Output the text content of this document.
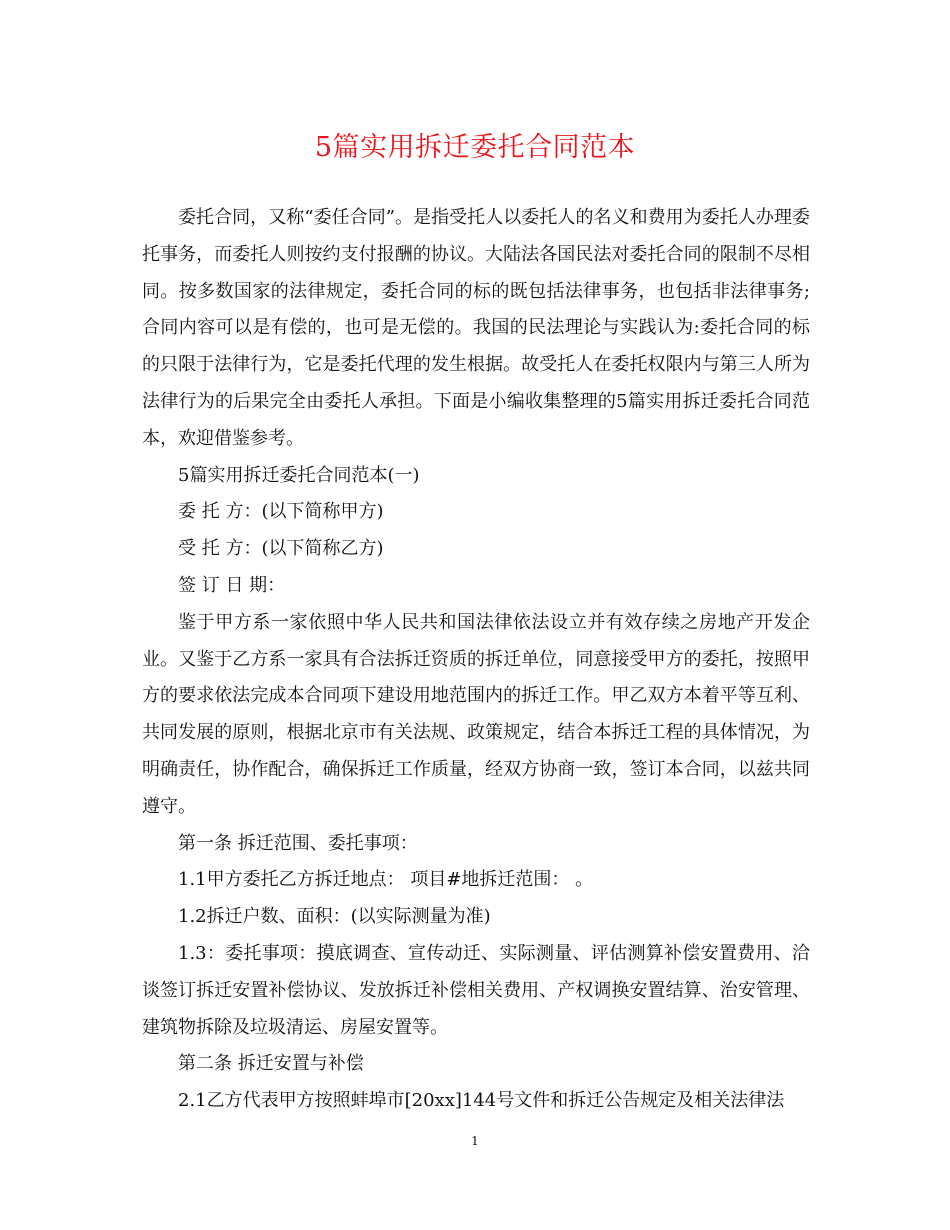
5篇实用拆迁委托合同范本

委托合同，又称“委任合同”。是指受托人以委托人的名义和费用为委托人办理委托事务，而委托人则按约支付报酬的协议。大陆法各国民法对委托合同的限制不尽相同。按多数国家的法律规定，委托合同的标的既包括法律事务，也包括非法律事务;合同内容可以是有偿的，也可是无偿的。我国的民法理论与实践认为:委托合同的标的只限于法律行为，它是委托代理的发生根据。故受托人在委托权限内与第三人所为法律行为的后果完全由委托人承担。下面是小编收集整理的5篇实用拆迁委托合同范本，欢迎借鉴参考。

5篇实用拆迁委托合同范本(一)

委 托 方：(以下简称甲方)

受 托 方：(以下简称乙方)

签 订 日 期：

鉴于甲方系一家依照中华人民共和国法律依法设立并有效存续之房地产开发企业。又鉴于乙方系一家具有合法拆迁资质的拆迁单位，同意接受甲方的委托，按照甲方的要求依法完成本合同项下建设用地范围内的拆迁工作。甲乙双方本着平等互利、共同发展的原则，根据北京市有关法规、政策规定，结合本拆迁工程的具体情况，为明确责任，协作配合，确保拆迁工作质量，经双方协商一致，签订本合同，以兹共同遵守。

第一条 拆迁范围、委托事项：

1.1甲方委托乙方拆迁地点： 项目#地拆迁范围： 。

1.2拆迁户数、面积：(以实际测量为准)

1.3：委托事项：摸底调查、宣传动迁、实际测量、评估测算补偿安置费用、洽谈签订拆迁安置补偿协议、发放拆迁补偿相关费用、产权调换安置结算、治安管理、建筑物拆除及垃圾清运、房屋安置等。

第二条 拆迁安置与补偿

2.1乙方代表甲方按照蚌埠市[20xx]144号文件和拆迁公告规定及相关法律法

1
